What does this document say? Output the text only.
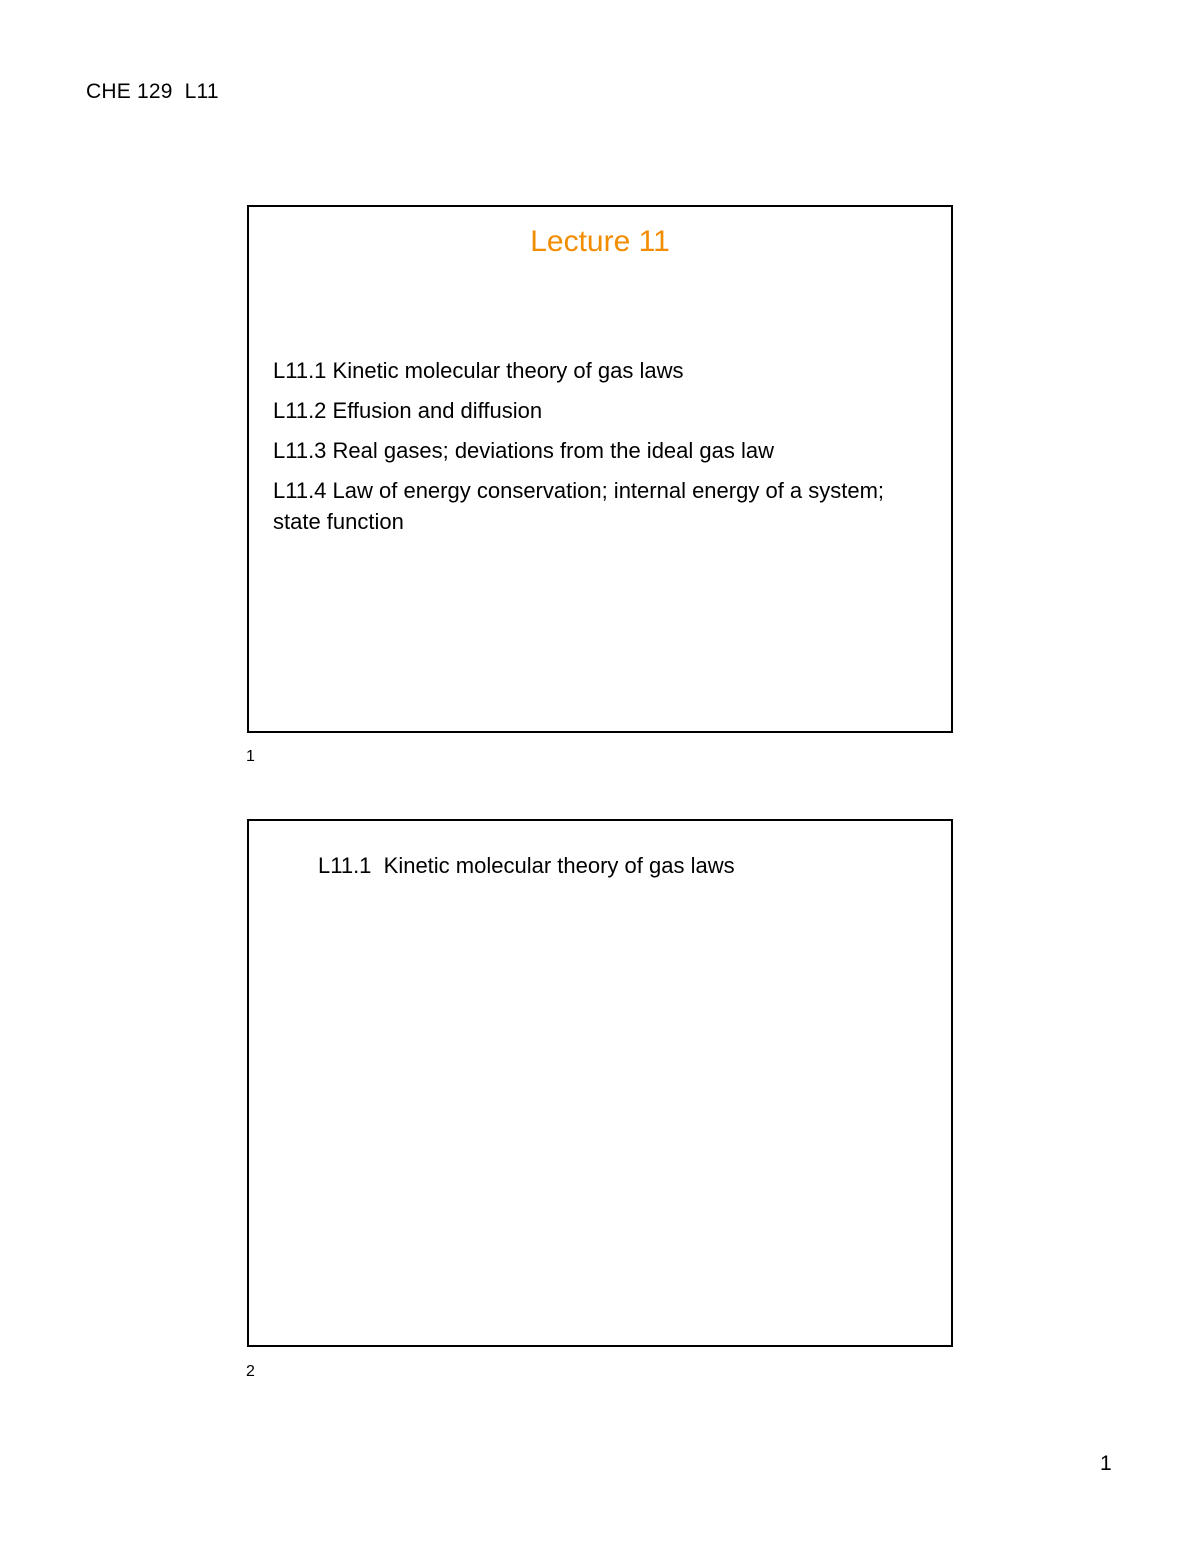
CHE 129  L11
Lecture 11
L11.1 Kinetic molecular theory of gas laws
L11.2 Effusion and diffusion
L11.3 Real gases; deviations from the ideal gas law
L11.4 Law of energy conservation; internal energy of a system; state function
1
L11.1  Kinetic molecular theory of gas laws
2
1
